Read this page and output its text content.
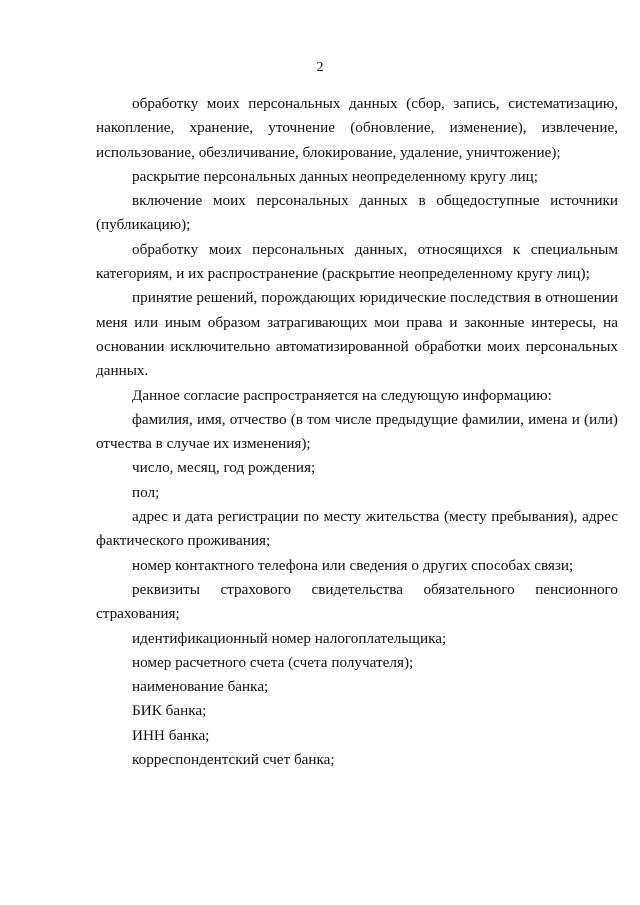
2

обработку моих персональных данных (сбор, запись, систематизацию, накопление, хранение, уточнение (обновление, изменение), извлечение, использование, обезличивание, блокирование, удаление, уничтожение);

раскрытие персональных данных неопределенному кругу лиц;

включение моих персональных данных в общедоступные источники (публикацию);

обработку моих персональных данных, относящихся к специальным категориям, и их распространение (раскрытие неопределенному кругу лиц);

принятие решений, порождающих юридические последствия в отношении меня или иным образом затрагивающих мои права и законные интересы, на основании исключительно автоматизированной обработки моих персональных данных.

Данное согласие распространяется на следующую информацию:

фамилия, имя, отчество (в том числе предыдущие фамилии, имена и (или) отчества в случае их изменения);

число, месяц, год рождения;

пол;

адрес и дата регистрации по месту жительства (месту пребывания), адрес фактического проживания;

номер контактного телефона или сведения о других способах связи;

реквизиты страхового свидетельства обязательного пенсионного страхования;

идентификационный номер налогоплательщика;

номер расчетного счета (счета получателя);

наименование банка;

БИК банка;

ИНН банка;

корреспондентский счет банка;
